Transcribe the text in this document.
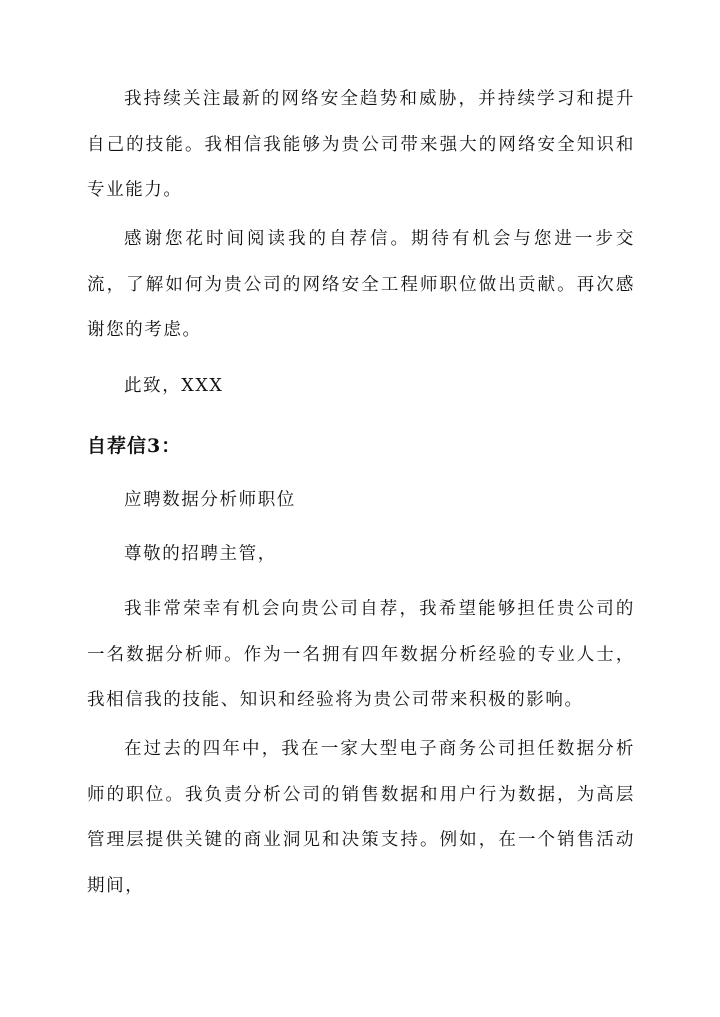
我持续关注最新的网络安全趋势和威胁，并持续学习和提升自己的技能。我相信我能够为贵公司带来强大的网络安全知识和专业能力。

感谢您花时间阅读我的自荐信。期待有机会与您进一步交流，了解如何为贵公司的网络安全工程师职位做出贡献。再次感谢您的考虑。

此致，XXX

自荐信3：

应聘数据分析师职位

尊敬的招聘主管，

我非常荣幸有机会向贵公司自荐，我希望能够担任贵公司的一名数据分析师。作为一名拥有四年数据分析经验的专业人士，我相信我的技能、知识和经验将为贵公司带来积极的影响。

在过去的四年中，我在一家大型电子商务公司担任数据分析师的职位。我负责分析公司的销售数据和用户行为数据，为高层管理层提供关键的商业洞见和决策支持。例如，在一个销售活动期间，
